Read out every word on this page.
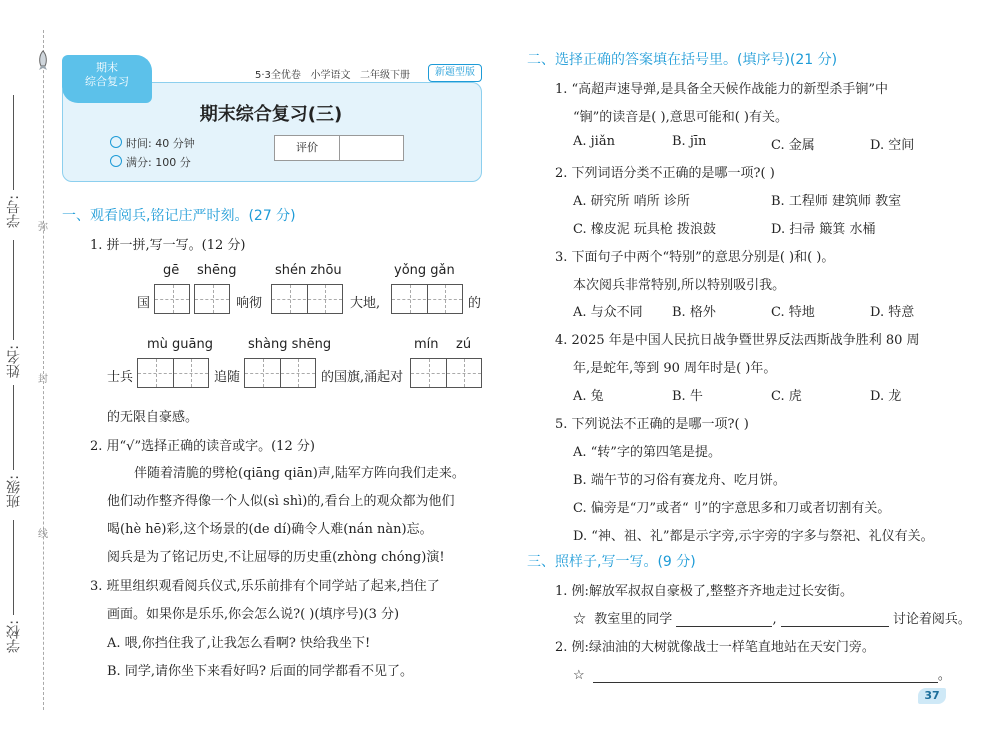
学号:
姓名:
班级:
学校:
弥
封
线
期末
综合复习	5·3全优卷 小学语文 二年级下册	新题型版
期末综合复习(三)
时间: 40 分钟
满分: 100 分
评价
一、观看阅兵,铭记庄严时刻。(27 分)
1. 拼一拼,写一写。(12 分)
gē shēng	shén zhōu	yǒng gǎn
国	响彻	大地,	的
mù guāng	shàng shēng	mín zú
士兵	追随	的国旗,涌起对
的无限自豪感。
2. 用“√”选择正确的读音或字。(12 分)
伴随着清脆的劈枪(qiāng qiān)声,陆军方阵向我们走来。
他们动作整齐得像一个人似(sì shì)的,看台上的观众都为他们
喝(hè hē)彩,这个场景的(de dí)确令人难(nán nàn)忘。
阅兵是为了铭记历史,不让屈辱的历史重(zhòng chóng)演!
3. 班里组织观看阅兵仪式,乐乐前排有个同学站了起来,挡住了
画面。如果你是乐乐,你会怎么说?( )(填序号)(3 分)
A. 喂,你挡住我了,让我怎么看啊? 快给我坐下!
B. 同学,请你坐下来看好吗? 后面的同学都看不见了。
二、选择正确的答案填在括号里。(填序号)(21 分)
1. “高超声速导弹,是具备全天候作战能力的新型杀手锏”中
“锏”的读音是( ),意思可能和( )有关。
A. jiǎn	B. jīn	C. 金属	D. 空间
2. 下列词语分类不正确的是哪一项?( )
A. 研究所 哨所 诊所	B. 工程师 建筑师 教室
C. 橡皮泥 玩具枪 拨浪鼓	D. 扫帚 簸箕 水桶
3. 下面句子中两个“特别”的意思分别是( )和( )。
本次阅兵非常特别,所以特别吸引我。
A. 与众不同 B. 格外	C. 特地	D. 特意
4. 2025 年是中国人民抗日战争暨世界反法西斯战争胜利 80 周
年,是蛇年,等到 90 周年时是( )年。
A. 兔	B. 牛	C. 虎	D. 龙
5. 下列说法不正确的是哪一项?( )
A. “转”字的第四笔是提。
B. 端午节的习俗有赛龙舟、吃月饼。
C. 偏旁是“刀”或者“刂”的字意思多和刀或者切割有关。
D. “神、祖、礼”都是示字旁,示字旁的字多与祭祀、礼仪有关。
三、照样子,写一写。(9 分)
1. 例:解放军叔叔自豪极了,整整齐齐地走过长安街。
☆ 教室里的同学	,	讨论着阅兵。
2. 例:绿油油的大树就像战士一样笔直地站在天安门旁。
☆	。
37
